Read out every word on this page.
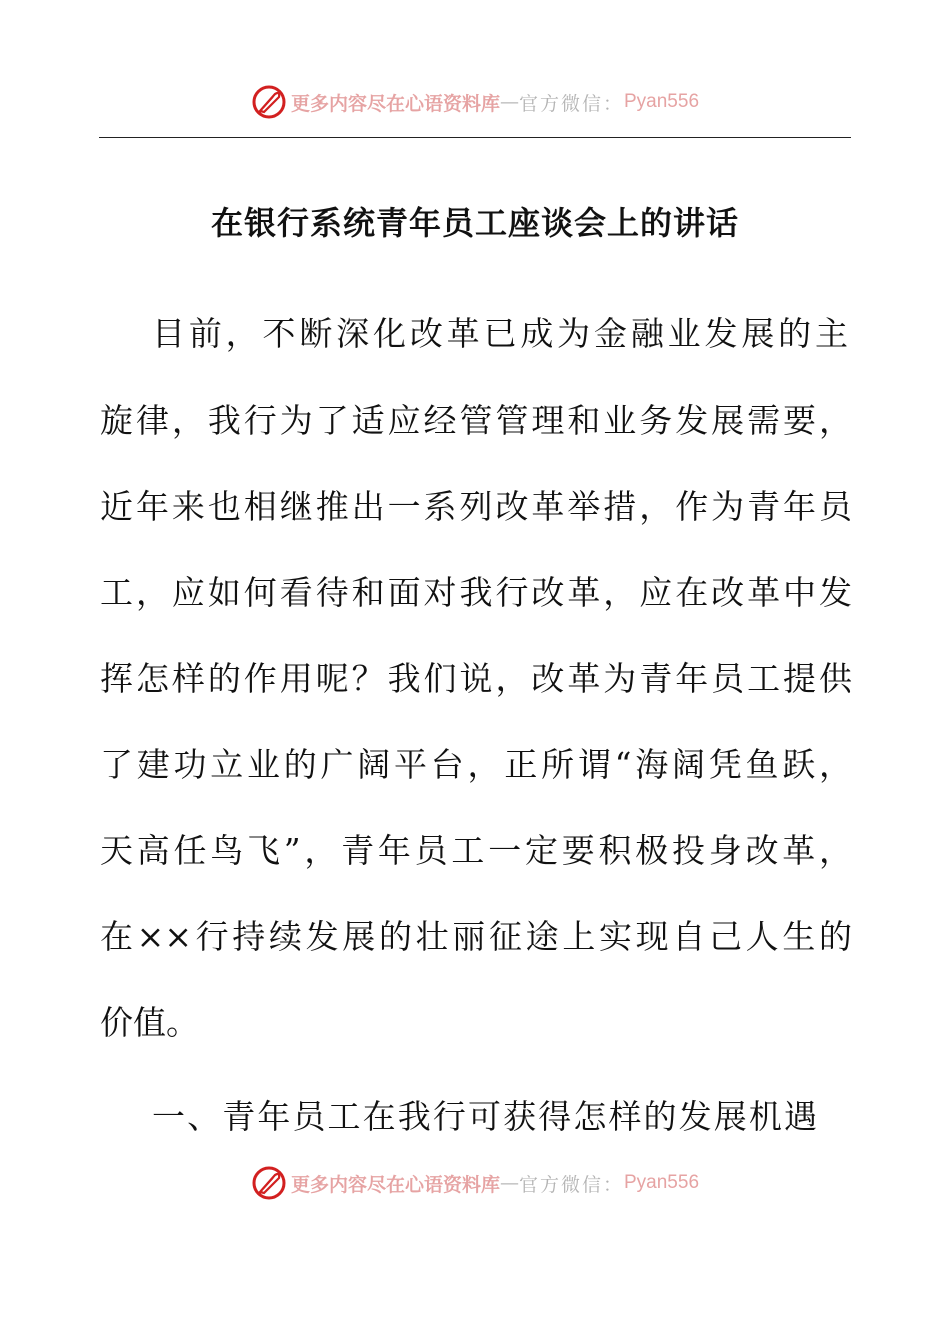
更多内容尽在心语资料库 — 官方微信： Pyan556
在银行系统青年员工座谈会上的讲话

目前，不断深化改革已成为金融业发展的主

旋律，我行为了适应经管管理和业务发展需要，

近年来也相继推出一系列改革举措，作为青年员

工，应如何看待和面对我行改革，应在改革中发

挥怎样的作用呢？我们说，改革为青年员工提供

了建功立业的广阔平台，正所谓“海阔凭鱼跃，

天高任鸟飞”，青年员工一定要积极投身改革，

在××行持续发展的壮丽征途上实现自己人生的

价值。

一、青年员工在我行可获得怎样的发展机遇

更多内容尽在心语资料库 — 官方微信： Pyan556
